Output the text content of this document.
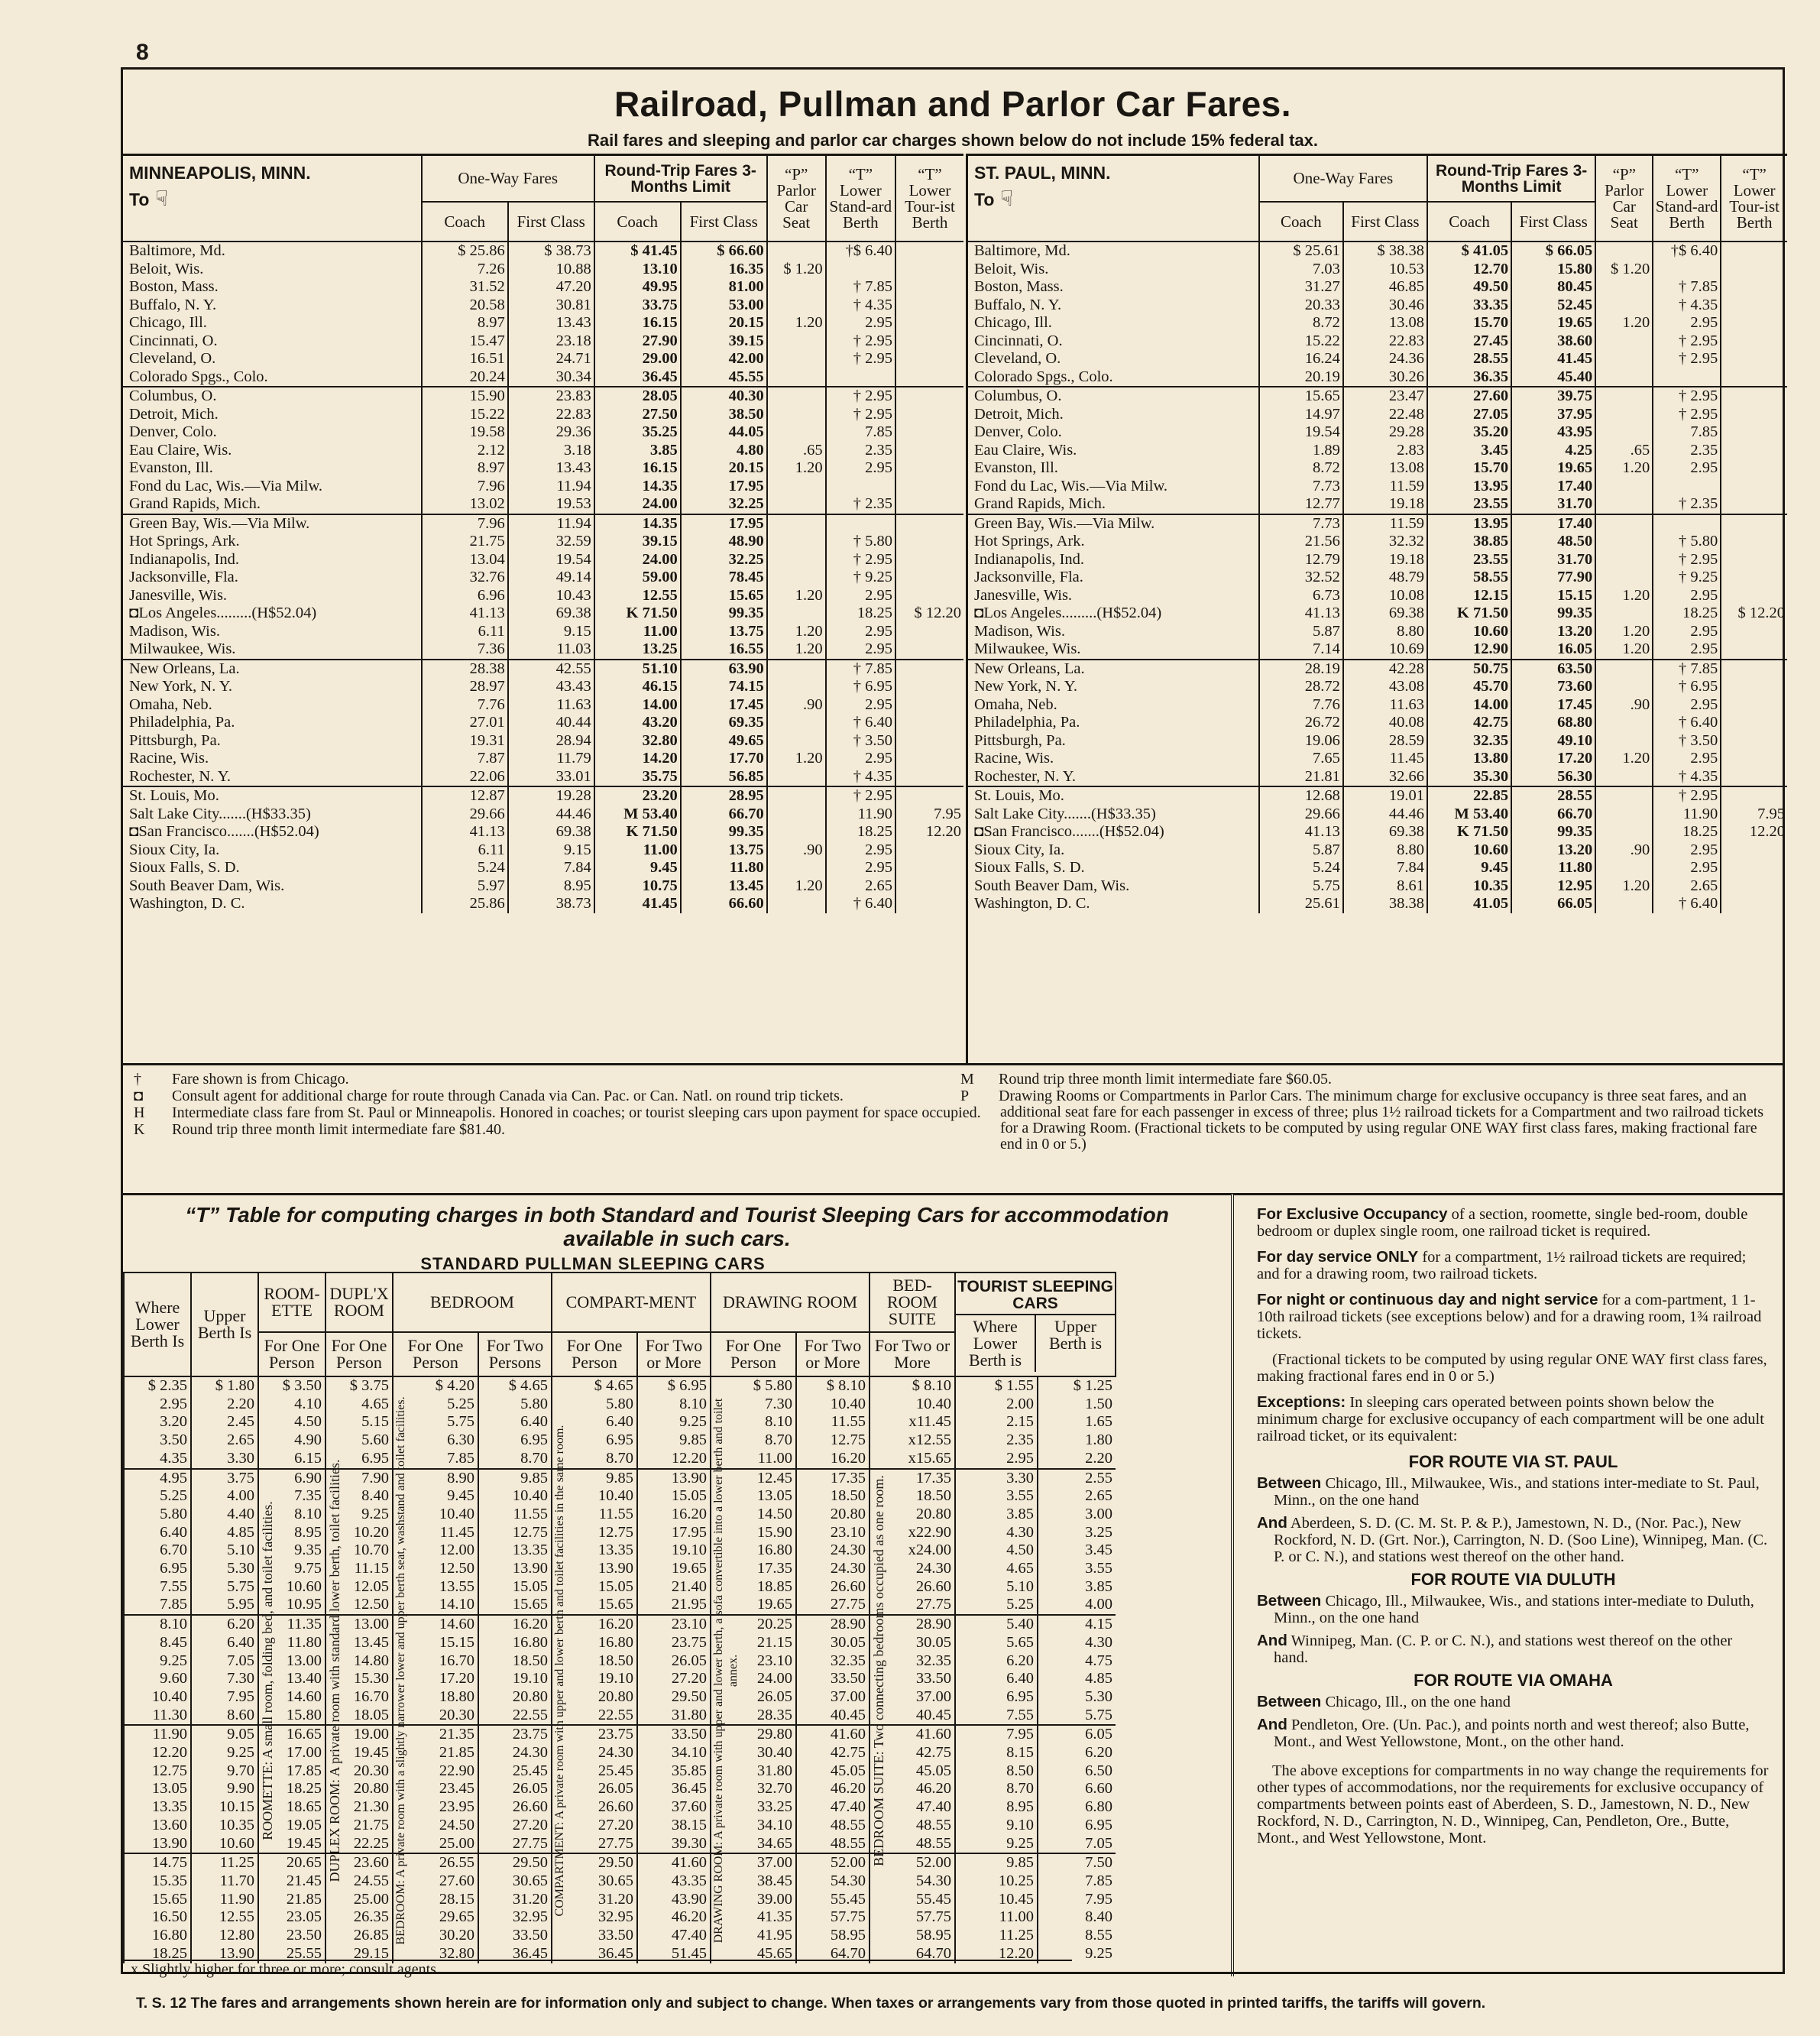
8
Railroad, Pullman and Parlor Car Fares.
Rail fares and sleeping and parlor car charges shown below do not include 15% federal tax.
MINNEAPOLIS, MINN.
To ☟	One-Way Fares		Round-Trip Fares 3-Months Limit		“P” Parlor Car Seat	“T” Lower Stand-ard Berth	“T” Lower Tour-ist Berth
	Coach	First Class	Coach	First Class			
Baltimore, Md.	$ 25.86	$ 38.73	$ 41.45	$ 66.60		†$ 6.40	
Beloit, Wis.	7.26	10.88	13.10	16.35	$ 1.20		
Boston, Mass.	31.52	47.20	49.95	81.00		† 7.85	
Buffalo, N. Y.	20.58	30.81	33.75	53.00		† 4.35	
Chicago, Ill.	8.97	13.43	16.15	20.15	1.20	2.95	
Cincinnati, O.	15.47	23.18	27.90	39.15		† 2.95	
Cleveland, O.	16.51	24.71	29.00	42.00		† 2.95	
Colorado Spgs., Colo.	20.24	30.34	36.45	45.55			
Columbus, O.	15.90	23.83	28.05	40.30		† 2.95	
Detroit, Mich.	15.22	22.83	27.50	38.50		† 2.95	
Denver, Colo.	19.58	29.36	35.25	44.05		7.85	
Eau Claire, Wis.	2.12	3.18	3.85	4.80	.65	2.35	
Evanston, Ill.	8.97	13.43	16.15	20.15	1.20	2.95	
Fond du Lac, Wis.—Via Milw.	7.96	11.94	14.35	17.95			
Grand Rapids, Mich.	13.02	19.53	24.00	32.25		† 2.35	
Green Bay, Wis.—Via Milw.	7.96	11.94	14.35	17.95			
Hot Springs, Ark.	21.75	32.59	39.15	48.90		† 5.80	
Indianapolis, Ind.	13.04	19.54	24.00	32.25		† 2.95	
Jacksonville, Fla.	32.76	49.14	59.00	78.45		† 9.25	
Janesville, Wis.	6.96	10.43	12.55	15.65	1.20	2.95	
◘Los Angeles.........(H$52.04)	41.13	69.38	K 71.50	99.35		18.25	$ 12.20
Madison, Wis.	6.11	9.15	11.00	13.75	1.20	2.95	
Milwaukee, Wis.	7.36	11.03	13.25	16.55	1.20	2.95	
New Orleans, La.	28.38	42.55	51.10	63.90		† 7.85	
New York, N. Y.	28.97	43.43	46.15	74.15		† 6.95	
Omaha, Neb.	7.76	11.63	14.00	17.45	.90	2.95	
Philadelphia, Pa.	27.01	40.44	43.20	69.35		† 6.40	
Pittsburgh, Pa.	19.31	28.94	32.80	49.65		† 3.50	
Racine, Wis.	7.87	11.79	14.20	17.70	1.20	2.95	
Rochester, N. Y.	22.06	33.01	35.75	56.85		† 4.35	
St. Louis, Mo.	12.87	19.28	23.20	28.95		† 2.95	
Salt Lake City.......(H$33.35)	29.66	44.46	M 53.40	66.70		11.90	7.95
◘San Francisco.......(H$52.04)	41.13	69.38	K 71.50	99.35		18.25	12.20
Sioux City, Ia.	6.11	9.15	11.00	13.75	.90	2.95	
Sioux Falls, S. D.	5.24	7.84	9.45	11.80		2.95	
South Beaver Dam, Wis.	5.97	8.95	10.75	13.45	1.20	2.65	
Washington, D. C.	25.86	38.73	41.45	66.60		† 6.40	
ST. PAUL, MINN.
To ☟	One-Way Fares		Round-Trip Fares 3-Months Limit		“P” Parlor Car Seat	“T” Lower Stand-ard Berth	“T” Lower Tour-ist Berth
	Coach	First Class	Coach	First Class			
Baltimore, Md.	$ 25.61	$ 38.38	$ 41.05	$ 66.05		†$ 6.40	
Beloit, Wis.	7.03	10.53	12.70	15.80	$ 1.20		
Boston, Mass.	31.27	46.85	49.50	80.45		† 7.85	
Buffalo, N. Y.	20.33	30.46	33.35	52.45		† 4.35	
Chicago, Ill.	8.72	13.08	15.70	19.65	1.20	2.95	
Cincinnati, O.	15.22	22.83	27.45	38.60		† 2.95	
Cleveland, O.	16.24	24.36	28.55	41.45		† 2.95	
Colorado Spgs., Colo.	20.19	30.26	36.35	45.40			
Columbus, O.	15.65	23.47	27.60	39.75		† 2.95	
Detroit, Mich.	14.97	22.48	27.05	37.95		† 2.95	
Denver, Colo.	19.54	29.28	35.20	43.95		7.85	
Eau Claire, Wis.	1.89	2.83	3.45	4.25	.65	2.35	
Evanston, Ill.	8.72	13.08	15.70	19.65	1.20	2.95	
Fond du Lac, Wis.—Via Milw.	7.73	11.59	13.95	17.40			
Grand Rapids, Mich.	12.77	19.18	23.55	31.70		† 2.35	
Green Bay, Wis.—Via Milw.	7.73	11.59	13.95	17.40			
Hot Springs, Ark.	21.56	32.32	38.85	48.50		† 5.80	
Indianapolis, Ind.	12.79	19.18	23.55	31.70		† 2.95	
Jacksonville, Fla.	32.52	48.79	58.55	77.90		† 9.25	
Janesville, Wis.	6.73	10.08	12.15	15.15	1.20	2.95	
◘Los Angeles.........(H$52.04)	41.13	69.38	K 71.50	99.35		18.25	$ 12.20
Madison, Wis.	5.87	8.80	10.60	13.20	1.20	2.95	
Milwaukee, Wis.	7.14	10.69	12.90	16.05	1.20	2.95	
New Orleans, La.	28.19	42.28	50.75	63.50		† 7.85	
New York, N. Y.	28.72	43.08	45.70	73.60		† 6.95	
Omaha, Neb.	7.76	11.63	14.00	17.45	.90	2.95	
Philadelphia, Pa.	26.72	40.08	42.75	68.80		† 6.40	
Pittsburgh, Pa.	19.06	28.59	32.35	49.10		† 3.50	
Racine, Wis.	7.65	11.45	13.80	17.20	1.20	2.95	
Rochester, N. Y.	21.81	32.66	35.30	56.30		† 4.35	
St. Louis, Mo.	12.68	19.01	22.85	28.55		† 2.95	
Salt Lake City.......(H$33.35)	29.66	44.46	M 53.40	66.70		11.90	7.95
◘San Francisco.......(H$52.04)	41.13	69.38	K 71.50	99.35		18.25	12.20
Sioux City, Ia.	5.87	8.80	10.60	13.20	.90	2.95	
Sioux Falls, S. D.	5.24	7.84	9.45	11.80		2.95	
South Beaver Dam, Wis.	5.75	8.61	10.35	12.95	1.20	2.65	
Washington, D. C.	25.61	38.38	41.05	66.05		† 6.40	

† Fare shown is from Chicago.

◘ Consult agent for additional charge for route through Canada via Can. Pac. or Can. Natl. on round trip tickets.

H Intermediate class fare from St. Paul or Minneapolis. Honored in coaches; or tourist sleeping cars upon payment for space occupied.

K Round trip three month limit intermediate fare $81.40.

M Round trip three month limit intermediate fare $60.05.

P Drawing Rooms or Compartments in Parlor Cars. The minimum charge for exclusive occupancy is three seat fares, and an additional seat fare for each passenger in excess of three; plus 1½ railroad tickets for a Compartment and two railroad tickets for a Drawing Room. (Fractional tickets to be computed by using regular ONE WAY first class fares, making fractional fare end in 0 or 5.)

“T” Table for computing charges in both Standard and Tourist Sleeping Cars for accommodation available in such cars.
STANDARD PULLMAN SLEEPING CARS
Where Lower Berth Is	Upper Berth Is	ROOM-ETTE	DUPL'X ROOM	BEDROOM		COMPART-MENT		DRAWING ROOM		BED-ROOM SUITE	TOURIST SLEEPING CARS
Where Lower Berth is
Upper Berth is	

		For One Person	For One Person	For One Person	For Two Persons	For One Person	For Two or More	For One Person	For Two or More	For Two or More		
$ 2.35	$ 1.80	$ 3.50	$ 3.75	$ 4.20	$ 4.65	$ 4.65	$ 6.95	$ 5.80	$ 8.10	$ 8.10	$ 1.55	$ 1.25
2.95	2.20	4.10	4.65	5.25	5.80	5.80	8.10	7.30	10.40	10.40	2.00	1.50
3.20	2.45	4.50	5.15	5.75	6.40	6.40	9.25	8.10	11.55	x11.45	2.15	1.65
3.50	2.65	4.90	5.60	6.30	6.95	6.95	9.85	8.70	12.75	x12.55	2.35	1.80
4.35	3.30	6.15	6.95	7.85	8.70	8.70	12.20	11.00	16.20	x15.65	2.95	2.20
4.95	3.75	6.90	7.90	8.90	9.85	9.85	13.90	12.45	17.35	17.35	3.30	2.55
5.25	4.00	7.35	8.40	9.45	10.40	10.40	15.05	13.05	18.50	18.50	3.55	2.65
5.80	4.40	8.10	9.25	10.40	11.55	11.55	16.20	14.50	20.80	20.80	3.85	3.00
6.40	4.85	8.95	10.20	11.45	12.75	12.75	17.95	15.90	23.10	x22.90	4.30	3.25
6.70	5.10	9.35	10.70	12.00	13.35	13.35	19.10	16.80	24.30	x24.00	4.50	3.45
6.95	5.30	9.75	11.15	12.50	13.90	13.90	19.65	17.35	24.30	24.30	4.65	3.55
7.55	5.75	10.60	12.05	13.55	15.05	15.05	21.40	18.85	26.60	26.60	5.10	3.85
7.85	5.95	10.95	12.50	14.10	15.65	15.65	21.95	19.65	27.75	27.75	5.25	4.00
8.10	6.20	11.35	13.00	14.60	16.20	16.20	23.10	20.25	28.90	28.90	5.40	4.15
8.45	6.40	11.80	13.45	15.15	16.80	16.80	23.75	21.15	30.05	30.05	5.65	4.30
9.25	7.05	13.00	14.80	16.70	18.50	18.50	26.05	23.10	32.35	32.35	6.20	4.75
9.60	7.30	13.40	15.30	17.20	19.10	19.10	27.20	24.00	33.50	33.50	6.40	4.85
10.40	7.95	14.60	16.70	18.80	20.80	20.80	29.50	26.05	37.00	37.00	6.95	5.30
11.30	8.60	15.80	18.05	20.30	22.55	22.55	31.80	28.35	40.45	40.45	7.55	5.75
11.90	9.05	16.65	19.00	21.35	23.75	23.75	33.50	29.80	41.60	41.60	7.95	6.05
12.20	9.25	17.00	19.45	21.85	24.30	24.30	34.10	30.40	42.75	42.75	8.15	6.20
12.75	9.70	17.85	20.30	22.90	25.45	25.45	35.85	31.80	45.05	45.05	8.50	6.50
13.05	9.90	18.25	20.80	23.45	26.05	26.05	36.45	32.70	46.20	46.20	8.70	6.60
13.35	10.15	18.65	21.30	23.95	26.60	26.60	37.60	33.25	47.40	47.40	8.95	6.80
13.60	10.35	19.05	21.75	24.50	27.20	27.20	38.15	34.10	48.55	48.55	9.10	6.95
13.90	10.60	19.45	22.25	25.00	27.75	27.75	39.30	34.65	48.55	48.55	9.25	7.05
14.75	11.25	20.65	23.60	26.55	29.50	29.50	41.60	37.00	52.00	52.00	9.85	7.50
15.35	11.70	21.45	24.55	27.60	30.65	30.65	43.35	38.45	54.30	54.30	10.25	7.85
15.65	11.90	21.85	25.00	28.15	31.20	31.20	43.90	39.00	55.45	55.45	10.45	7.95
16.50	12.55	23.05	26.35	29.65	32.95	32.95	46.20	41.35	57.75	57.75	11.00	8.40
16.80	12.80	23.50	26.85	30.20	33.50	33.50	47.40	41.95	58.95	58.95	11.25	8.55
18.25	13.90	25.55	29.15	32.80	36.45	36.45	51.45	45.65	64.70	64.70	12.20	9.25
x Slightly higher for three or more; consult agents.
ROOMETTE: A small room, folding bed, and toilet facilities.	DUPLEX ROOM: A private room with standard lower berth, toilet facilities.	BEDROOM: A private room with a slightly narrower lower and upper berth seat, washstand and toilet facilities.	COMPARTMENT: A private room with upper and lower berth and toilet facilities in the same room.	DRAWING ROOM: A private room with upper and lower berth, a sofa convertible into a lower berth and toilet annex.	BEDROOM SUITE: Two connecting bedrooms occupied as one room.

For Exclusive Occupancy of a section, roomette, single bed-room, double bedroom or duplex single room, one railroad ticket is required.

For day service ONLY for a compartment, 1½ railroad tickets are required; and for a drawing room, two railroad tickets.

For night or continuous day and night service for a com-partment, 1 1-10th railroad tickets (see exceptions below) and for a drawing room, 1¾ railroad tickets.

(Fractional tickets to be computed by using regular ONE WAY first class fares, making fractional fares end in 0 or 5.)

Exceptions: In sleeping cars operated between points shown below the minimum charge for exclusive occupancy of each compartment will be one adult railroad ticket, or its equivalent:

FOR ROUTE VIA ST. PAUL

Between Chicago, Ill., Milwaukee, Wis., and stations inter-mediate to St. Paul, Minn., on the one hand

And Aberdeen, S. D. (C. M. St. P. & P.), Jamestown, N. D., (Nor. Pac.), New Rockford, N. D. (Grt. Nor.), Carrington, N. D. (Soo Line), Winnipeg, Man. (C. P. or C. N.), and stations west thereof on the other hand.

FOR ROUTE VIA DULUTH

Between Chicago, Ill., Milwaukee, Wis., and stations inter-mediate to Duluth, Minn., on the one hand

And Winnipeg, Man. (C. P. or C. N.), and stations west thereof on the other hand.

FOR ROUTE VIA OMAHA

Between Chicago, Ill., on the one hand

And Pendleton, Ore. (Un. Pac.), and points north and west thereof; also Butte, Mont., and West Yellowstone, Mont., on the other hand.

The above exceptions for compartments in no way change the requirements for other types of accommodations, nor the requirements for exclusive occupancy of compartments between points east of Aberdeen, S. D., Jamestown, N. D., New Rockford, N. D., Carrington, N. D., Winnipeg, Can, Pendleton, Ore., Butte, Mont., and West Yellowstone, Mont.

T. S. 12 The fares and arrangements shown herein are for information only and subject to change. When taxes or arrangements vary from those quoted in printed tariffs, the tariffs will govern.
